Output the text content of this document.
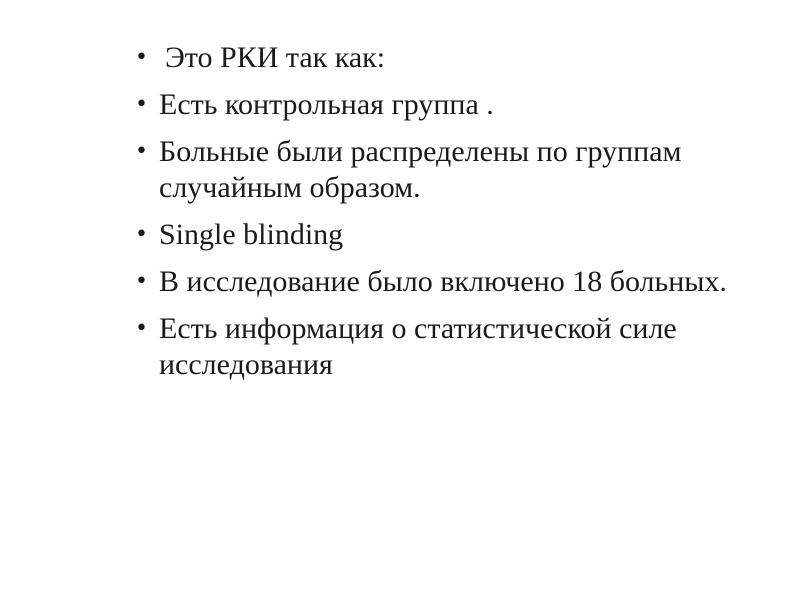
• Это РКИ так как:
• Есть контрольная группа .
• Больные были распределены по группам случайным образом.
• Single blinding
• В исследование было включено 18 больных.
• Есть информация о статистической силе исследования
